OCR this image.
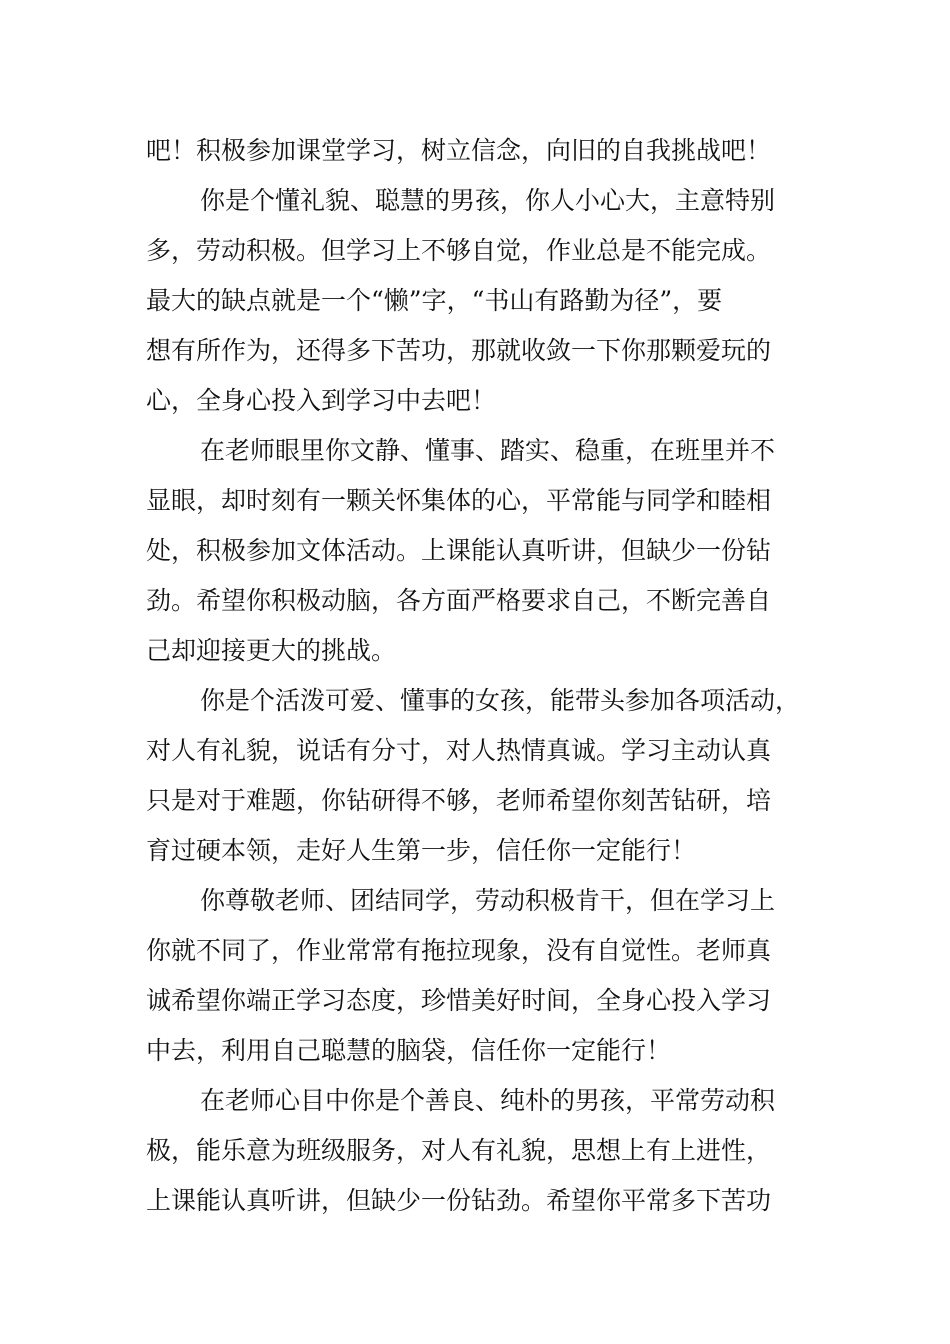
吧！积极参加课堂学习，树立信念，向旧的自我挑战吧！
你是个懂礼貌、聪慧的男孩，你人小心大，主意特别
多，劳动积极。但学习上不够自觉，作业总是不能完成。
最大的缺点就是一个“懒”字，“书山有路勤为径”，要
想有所作为，还得多下苦功，那就收敛一下你那颗爱玩的
心，全身心投入到学习中去吧！
在老师眼里你文静、懂事、踏实、稳重，在班里并不
显眼，却时刻有一颗关怀集体的心，平常能与同学和睦相
处，积极参加文体活动。上课能认真听讲，但缺少一份钻
劲。希望你积极动脑，各方面严格要求自己，不断完善自
己却迎接更大的挑战。
你是个活泼可爱、懂事的女孩，能带头参加各项活动，
对人有礼貌，说话有分寸，对人热情真诚。学习主动认真
只是对于难题，你钻研得不够，老师希望你刻苦钻研，培
育过硬本领，走好人生第一步，信任你一定能行！
你尊敬老师、团结同学，劳动积极肯干，但在学习上
你就不同了，作业常常有拖拉现象，没有自觉性。老师真
诚希望你端正学习态度，珍惜美好时间，全身心投入学习
中去，利用自己聪慧的脑袋，信任你一定能行！
在老师心目中你是个善良、纯朴的男孩，平常劳动积
极，能乐意为班级服务，对人有礼貌，思想上有上进性，
上课能认真听讲，但缺少一份钻劲。希望你平常多下苦功
